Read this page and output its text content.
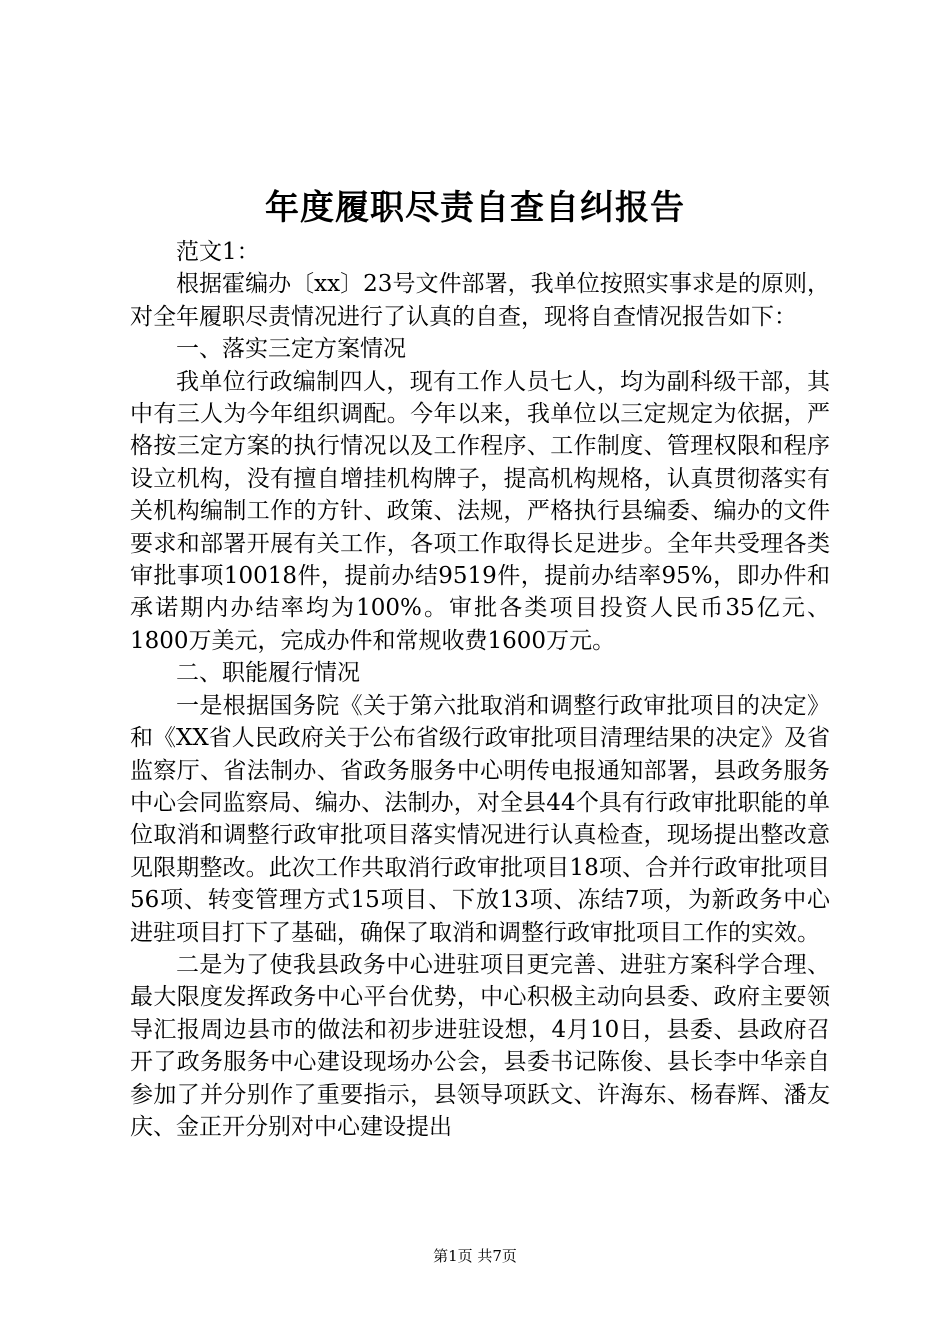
年度履职尽责自查自纠报告

范文1：

根据霍编办〔xx〕23号文件部署，我单位按照实事求是的原则，对全年履职尽责情况进行了认真的自查，现将自查情况报告如下：

一、落实三定方案情况

我单位行政编制四人，现有工作人员七人，均为副科级干部，其中有三人为今年组织调配。今年以来，我单位以三定规定为依据，严格按三定方案的执行情况以及工作程序、工作制度、管理权限和程序设立机构，没有擅自增挂机构牌子，提高机构规格，认真贯彻落实有关机构编制工作的方针、政策、法规，严格执行县编委、编办的文件要求和部署开展有关工作，各项工作取得长足进步。全年共受理各类审批事项10018件，提前办结9519件，提前办结率95%，即办件和承诺期内办结率均为100%。审批各类项目投资人民币35亿元、1800万美元，完成办件和常规收费1600万元。

二、职能履行情况

一是根据国务院《关于第六批取消和调整行政审批项目的决定》和《XX省人民政府关于公布省级行政审批项目清理结果的决定》及省监察厅、省法制办、省政务服务中心明传电报通知部署，县政务服务中心会同监察局、编办、法制办，对全县44个具有行政审批职能的单位取消和调整行政审批项目落实情况进行认真检查，现场提出整改意见限期整改。此次工作共取消行政审批项目18项、合并行政审批项目56项、转变管理方式15项目、下放13项、冻结7项，为新政务中心进驻项目打下了基础，确保了取消和调整行政审批项目工作的实效。

二是为了使我县政务中心进驻项目更完善、进驻方案科学合理、最大限度发挥政务中心平台优势，中心积极主动向县委、政府主要领导汇报周边县市的做法和初步进驻设想，4月10日，县委、县政府召开了政务服务中心建设现场办公会，县委书记陈俊、县长李中华亲自参加了并分别作了重要指示，县领导项跃文、许海东、杨春辉、潘友庆、金正开分别对中心建设提出

第1页 共7页
